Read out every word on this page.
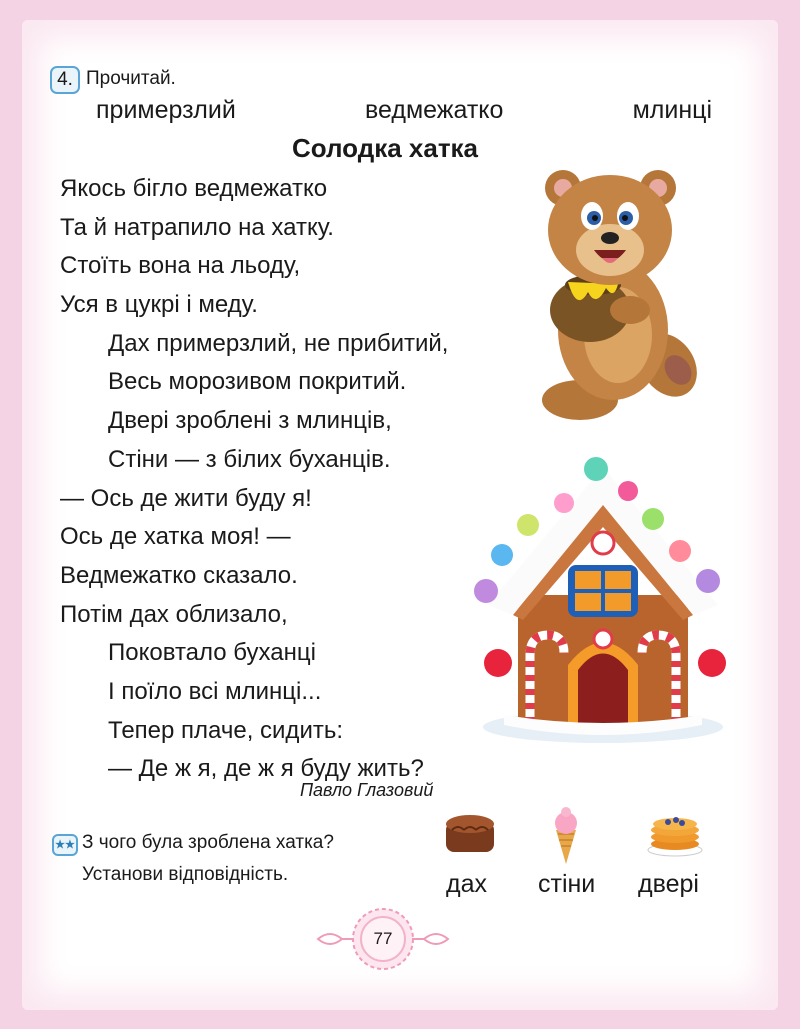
4. Прочитай.
примерзлий	ведмежатко	млинці
Солодка хатка
Якось бігло ведмежатко
Та й натрапило на хатку.
Стоїть вона на льоду,
Уся в цукрі і меду.
Дах примерзлий, не прибитий,
Весь морозивом покритий.
Двері зроблені з млинців,
Стіни — з білих буханців.
— Ось де жити буду я!
Ось де хатка моя! —
Ведмежатко сказало.
Потім дах облизало,
Поковтало буханці
І поїло всі млинці...
Тепер плаче, сидить:
— Де ж я, де ж я буду жить?
Павло Глазовий
★★ З чого була зроблена хатка?
Установи відповідність.	дах стіни двері
77
